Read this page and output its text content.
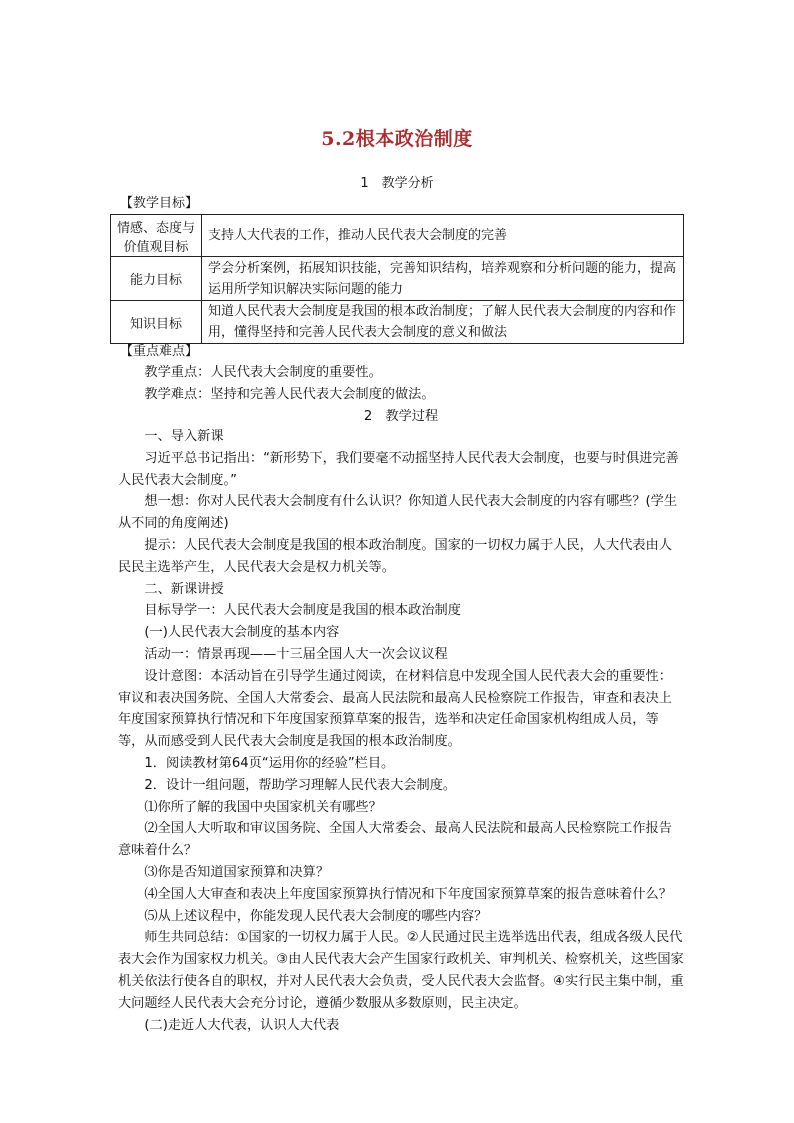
5.2根本政治制度
1　教学分析
【教学目标】
情感、态度与价值观目标	支持人大代表的工作，推动人民代表大会制度的完善
能力目标	学会分析案例，拓展知识技能，完善知识结构，培养观察和分析问题的能力，提高运用所学知识解决实际问题的能力
知识目标	知道人民代表大会制度是我国的根本政治制度；了解人民代表大会制度的内容和作用，懂得坚持和完善人民代表大会制度的意义和做法
【重点难点】

教学重点：人民代表大会制度的重要性。

教学难点：坚持和完善人民代表大会制度的做法。

2　教学过程

一、导入新课

习近平总书记指出：“新形势下，我们要毫不动摇坚持人民代表大会制度，也要与时俱进完善人民代表大会制度。”

想一想：你对人民代表大会制度有什么认识？你知道人民代表大会制度的内容有哪些？(学生从不同的角度阐述)

提示：人民代表大会制度是我国的根本政治制度。国家的一切权力属于人民，人大代表由人民民主选举产生，人民代表大会是权力机关等。

二、新课讲授

目标导学一：人民代表大会制度是我国的根本政治制度

(一)人民代表大会制度的基本内容

活动一：情景再现——十三届全国人大一次会议议程

设计意图：本活动旨在引导学生通过阅读，在材料信息中发现全国人民代表大会的重要性：审议和表决国务院、全国人大常委会、最高人民法院和最高人民检察院工作报告，审查和表决上年度国家预算执行情况和下年度国家预算草案的报告，选举和决定任命国家机构组成人员，等等，从而感受到人民代表大会制度是我国的根本政治制度。

1．阅读教材第64页“运用你的经验”栏目。

2．设计一组问题，帮助学习理解人民代表大会制度。

⑴你所了解的我国中央国家机关有哪些？

⑵全国人大听取和审议国务院、全国人大常委会、最高人民法院和最高人民检察院工作报告意味着什么？

⑶你是否知道国家预算和决算？

⑷全国人大审查和表决上年度国家预算执行情况和下年度国家预算草案的报告意味着什么？

⑸从上述议程中，你能发现人民代表大会制度的哪些内容？

师生共同总结：①国家的一切权力属于人民。②人民通过民主选举选出代表，组成各级人民代表大会作为国家权力机关。③由人民代表大会产生国家行政机关、审判机关、检察机关，这些国家机关依法行使各自的职权，并对人民代表大会负责，受人民代表大会监督。④实行民主集中制，重大问题经人民代表大会充分讨论，遵循少数服从多数原则，民主决定。

(二)走近人大代表，认识人大代表
